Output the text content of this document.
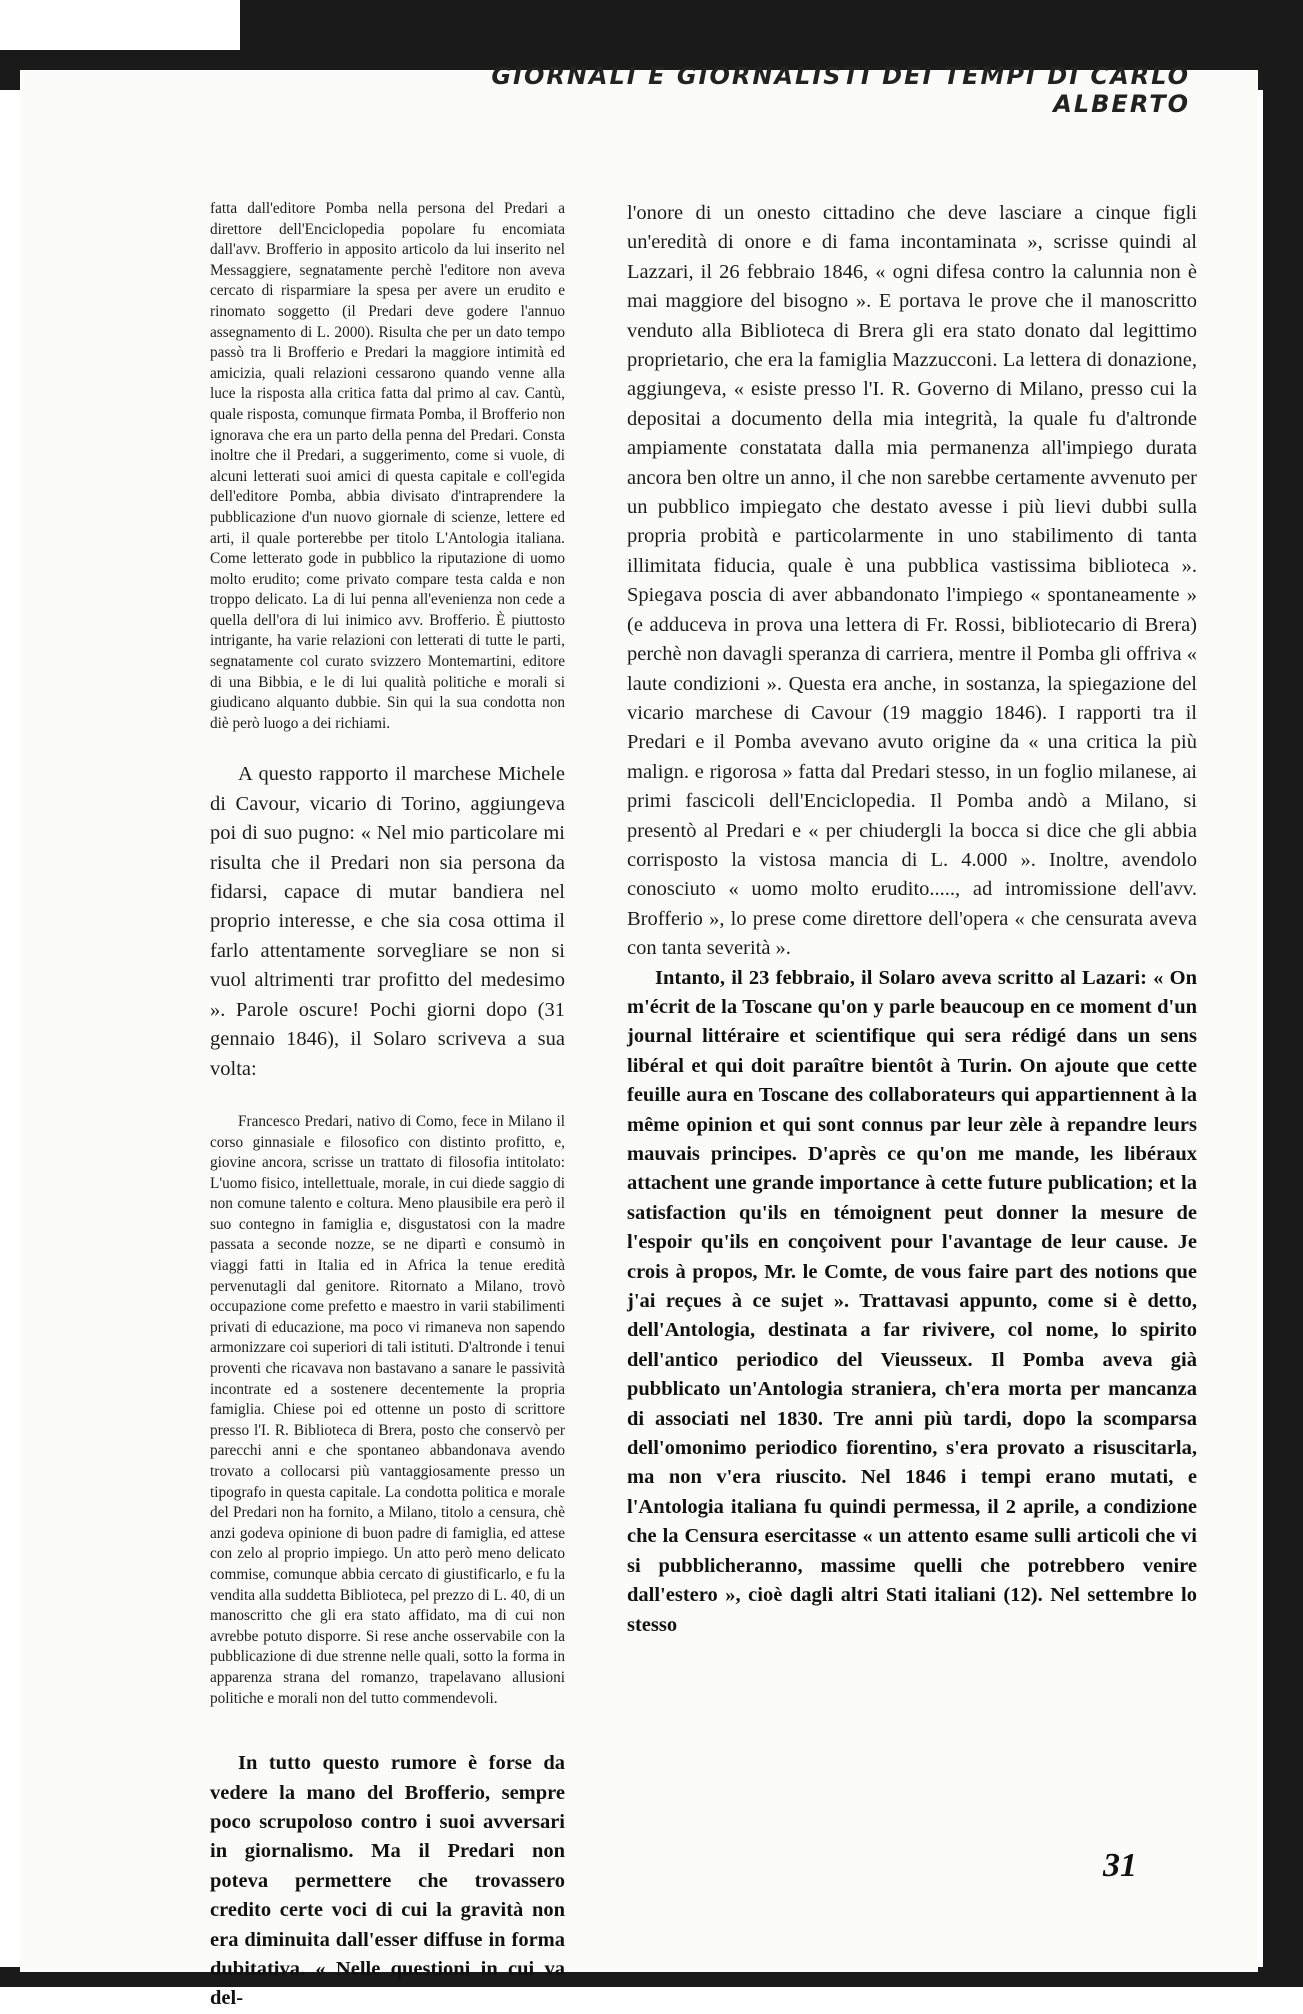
GIORNALI E GIORNALISTI DEI TEMPI DI CARLO ALBERTO

fatta dall'editore Pomba nella persona del Predari a direttore dell'Enciclopedia popolare fu encomiata dall'avv. Brofferio in apposito articolo da lui inserito nel Messaggiere, segnatamente perchè l'editore non aveva cercato di risparmiare la spesa per avere un erudito e rinomato soggetto (il Predari deve godere l'annuo assegnamento di L. 2000). Risulta che per un dato tempo passò tra li Brofferio e Predari la maggiore intimità ed amicizia, quali relazioni cessarono quando venne alla luce la risposta alla critica fatta dal primo al cav. Cantù, quale risposta, comunque firmata Pomba, il Brofferio non ignorava che era un parto della penna del Predari. Consta inoltre che il Predari, a suggerimento, come si vuole, di alcuni letterati suoi amici di questa capitale e coll'egida dell'editore Pomba, abbia divisato d'intraprendere la pubblicazione d'un nuovo giornale di scienze, lettere ed arti, il quale porterebbe per titolo L'Antologia italiana. Come letterato gode in pubblico la riputazione di uomo molto erudito; come privato compare testa calda e non troppo delicato. La di lui penna all'evenienza non cede a quella dell'ora di lui inimico avv. Brofferio. È piuttosto intrigante, ha varie relazioni con letterati di tutte le parti, segnatamente col curato svizzero Montemartini, editore di una Bibbia, e le di lui qualità politiche e morali si giudicano alquanto dubbie. Sin qui la sua condotta non diè però luogo a dei richiami.

A questo rapporto il marchese Michele di Cavour, vicario di Torino, aggiungeva poi di suo pugno: « Nel mio particolare mi risulta che il Predari non sia persona da fidarsi, capace di mutar bandiera nel proprio interesse, e che sia cosa ottima il farlo attentamente sorvegliare se non si vuol altrimenti trar profitto del medesimo ». Parole oscure! Pochi giorni dopo (31 gennaio 1846), il Solaro scriveva a sua volta:

Francesco Predari, nativo di Como, fece in Milano il corso ginnasiale e filosofico con distinto profitto, e, giovine ancora, scrisse un trattato di filosofia intitolato: L'uomo fisico, intellettuale, morale, in cui diede saggio di non comune talento e coltura. Meno plausibile era però il suo contegno in famiglia e, disgustatosi con la madre passata a seconde nozze, se ne dipartì e consumò in viaggi fatti in Italia ed in Africa la tenue eredità pervenutagli dal genitore. Ritornato a Milano, trovò occupazione come prefetto e maestro in varii stabilimenti privati di educazione, ma poco vi rimaneva non sapendo armonizzare coi superiori di tali istituti. D'altronde i tenui proventi che ricavava non bastavano a sanare le passività incontrate ed a sostenere decentemente la propria famiglia. Chiese poi ed ottenne un posto di scrittore presso l'I. R. Biblioteca di Brera, posto che conservò per parecchi anni e che spontaneo abbandonava avendo trovato a collocarsi più vantaggiosamente presso un tipografo in questa capitale. La condotta politica e morale del Predari non ha fornito, a Milano, titolo a censura, chè anzi godeva opinione di buon padre di famiglia, ed attese con zelo al proprio impiego. Un atto però meno delicato commise, comunque abbia cercato di giustificarlo, e fu la vendita alla suddetta Biblioteca, pel prezzo di L. 40, di un manoscritto che gli era stato affidato, ma di cui non avrebbe potuto disporre. Si rese anche osservabile con la pubblicazione di due strenne nelle quali, sotto la forma in apparenza strana del romanzo, trapelavano allusioni politiche e morali non del tutto commendevoli.

In tutto questo rumore è forse da vedere la mano del Brofferio, sempre poco scrupoloso contro i suoi avversari in giornalismo. Ma il Predari non poteva permettere che trovassero credito certe voci di cui la gravità non era diminuita dall'esser diffuse in forma dubitativa. « Nelle questioni in cui va del-

l'onore di un onesto cittadino che deve lasciare a cinque figli un'eredità di onore e di fama incontaminata », scrisse quindi al Lazzari, il 26 febbraio 1846, « ogni difesa contro la calunnia non è mai maggiore del bisogno ». E portava le prove che il manoscritto venduto alla Biblioteca di Brera gli era stato donato dal legittimo proprietario, che era la famiglia Mazzucconi. La lettera di donazione, aggiungeva, « esiste presso l'I. R. Governo di Milano, presso cui la depositai a documento della mia integrità, la quale fu d'altronde ampiamente constatata dalla mia permanenza all'impiego durata ancora ben oltre un anno, il che non sarebbe certamente avvenuto per un pubblico impiegato che destato avesse i più lievi dubbi sulla propria probità e particolarmente in uno stabilimento di tanta illimitata fiducia, quale è una pubblica vastissima biblioteca ». Spiegava poscia di aver abbandonato l'impiego « spontaneamente » (e adduceva in prova una lettera di Fr. Rossi, bibliotecario di Brera) perchè non davagli speranza di carriera, mentre il Pomba gli offriva « laute condizioni ». Questa era anche, in sostanza, la spiegazione del vicario marchese di Cavour (19 maggio 1846). I rapporti tra il Predari e il Pomba avevano avuto origine da « una critica la più malign. e rigorosa » fatta dal Predari stesso, in un foglio milanese, ai primi fascicoli dell'Enciclopedia. Il Pomba andò a Milano, si presentò al Predari e « per chiudergli la bocca si dice che gli abbia corrisposto la vistosa mancia di L. 4.000 ». Inoltre, avendolo conosciuto « uomo molto erudito....., ad intromissione dell'avv. Brofferio », lo prese come direttore dell'opera « che censurata aveva con tanta severità ».

Intanto, il 23 febbraio, il Solaro aveva scritto al Lazari: « On m'écrit de la Toscane qu'on y parle beaucoup en ce moment d'un journal littéraire et scientifique qui sera rédigé dans un sens libéral et qui doit paraître bientôt à Turin. On ajoute que cette feuille aura en Toscane des collaborateurs qui appartiennent à la même opinion et qui sont connus par leur zèle à repandre leurs mauvais principes. D'après ce qu'on me mande, les libéraux attachent une grande importance à cette future publication; et la satisfaction qu'ils en témoignent peut donner la mesure de l'espoir qu'ils en conçoivent pour l'avantage de leur cause. Je crois à propos, Mr. le Comte, de vous faire part des notions que j'ai reçues à ce sujet ». Trattavasi appunto, come si è detto, dell'Antologia, destinata a far rivivere, col nome, lo spirito dell'antico periodico del Vieusseux. Il Pomba aveva già pubblicato un'Antologia straniera, ch'era morta per mancanza di associati nel 1830. Tre anni più tardi, dopo la scomparsa dell'omonimo periodico fiorentino, s'era provato a risuscitarla, ma non v'era riuscito. Nel 1846 i tempi erano mutati, e l'Antologia italiana fu quindi permessa, il 2 aprile, a condizione che la Censura esercitasse « un attento esame sulli articoli che vi si pubblicheranno, massime quelli che potrebbero venire dall'estero », cioè dagli altri Stati italiani (12). Nel settembre lo stesso

31
